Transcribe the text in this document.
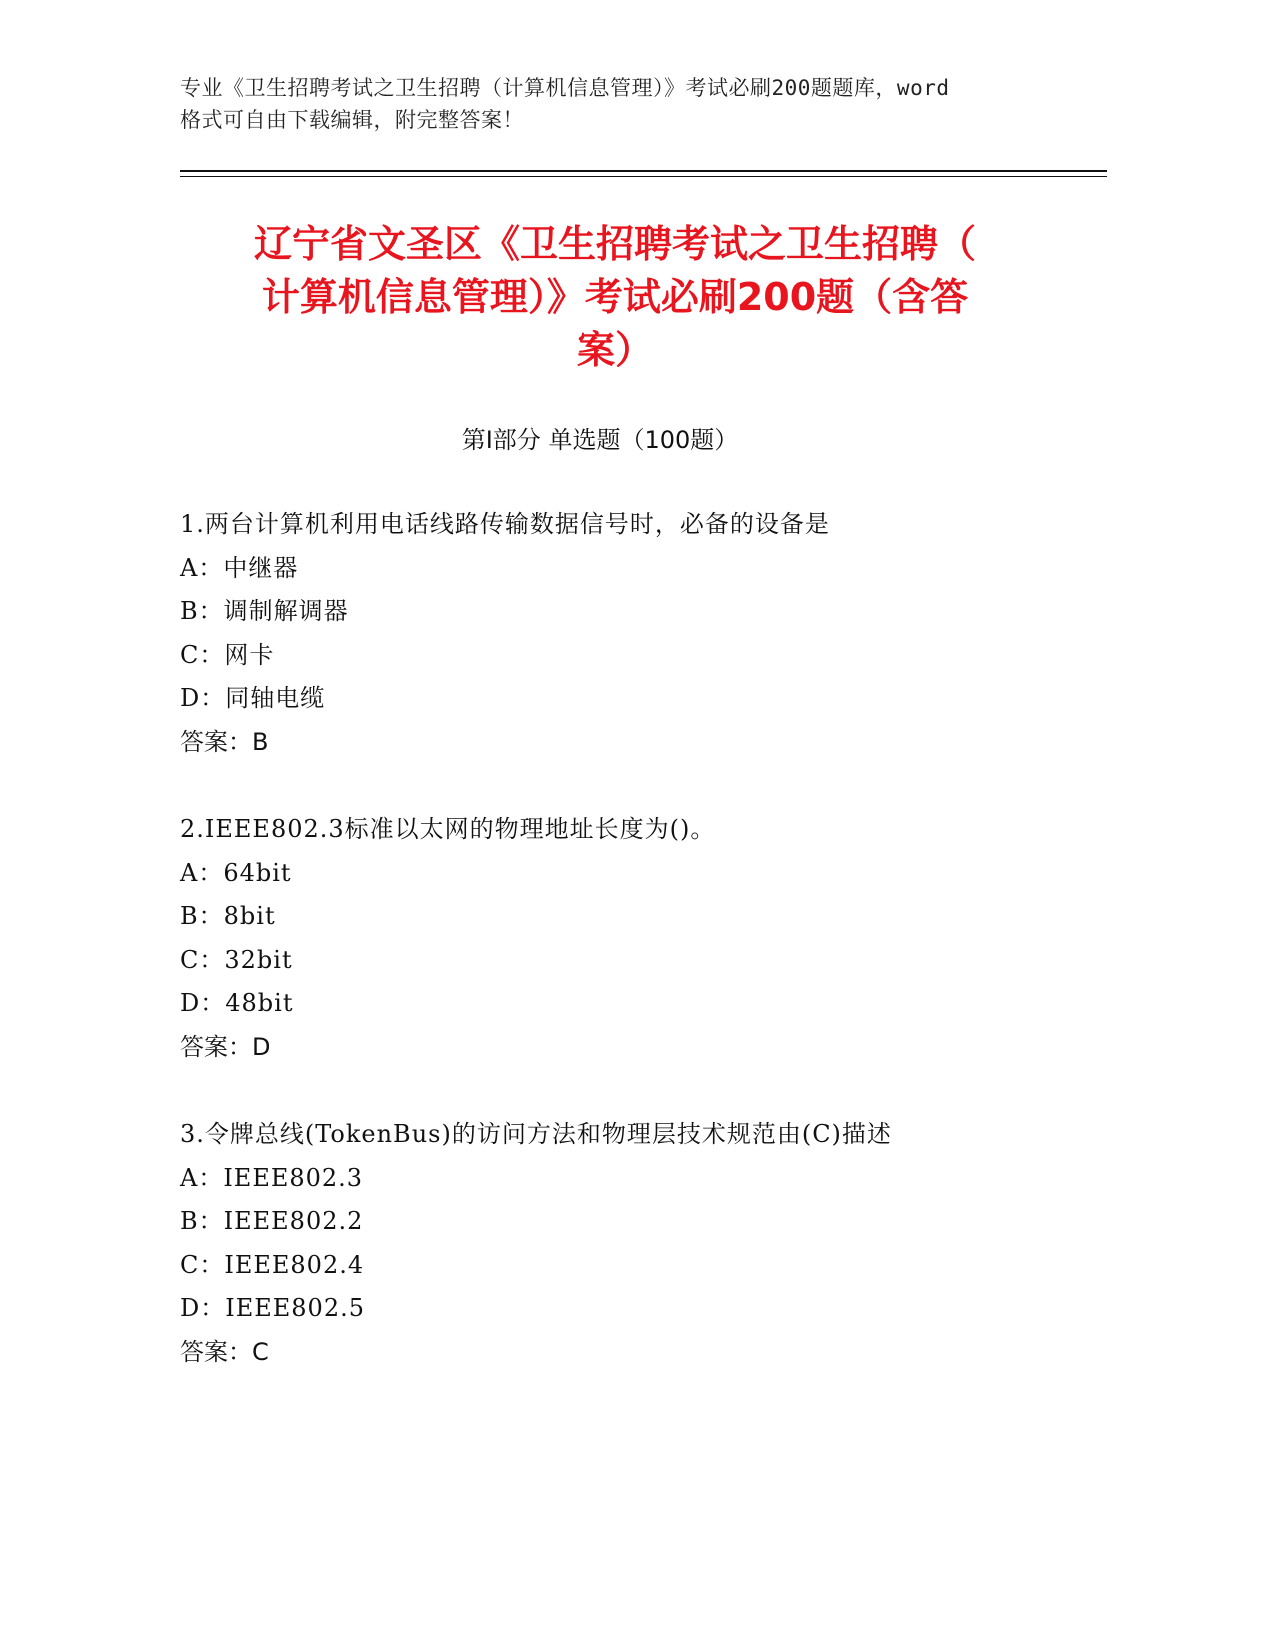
专业《卫生招聘考试之卫生招聘（计算机信息管理）》考试必刷200题题库，word
格式可自由下载编辑，附完整答案！
辽宁省文圣区《卫生招聘考试之卫生招聘（
计算机信息管理）》考试必刷200题（含答
案）
第Ⅰ部分 单选题（100题）
1.两台计算机利用电话线路传输数据信号时，必备的设备是
A：中继器
B：调制解调器
C：网卡
D：同轴电缆
答案：B
2.IEEE802.3标准以太网的物理地址长度为()。
A：64bit
B：8bit
C：32bit
D：48bit
答案：D
3.令牌总线(TokenBus)的访问方法和物理层技术规范由(C)描述
A：IEEE802.3
B：IEEE802.2
C：IEEE802.4
D：IEEE802.5
答案：C
